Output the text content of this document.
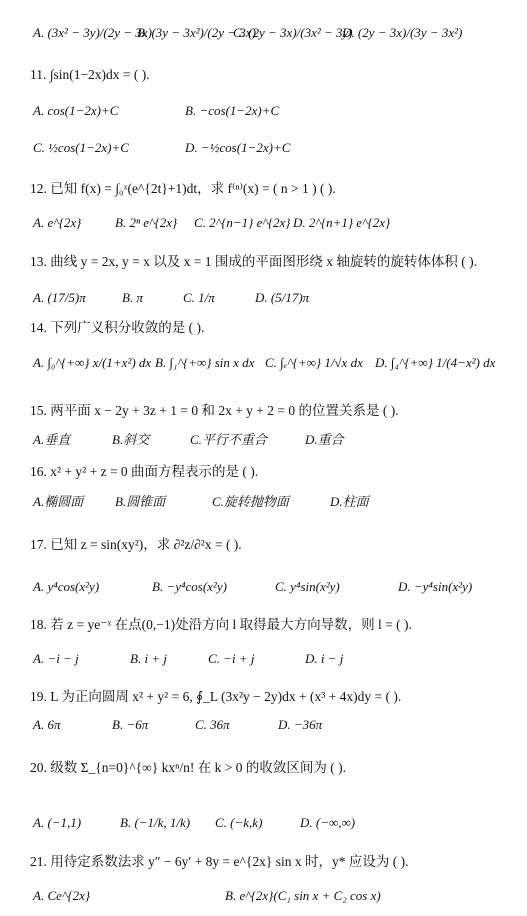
A. (3x² − 3y)/(2y − 3x)
B. (3y − 3x²)/(2y − 3x)
C. (2y − 3x)/(3x² − 3y)
D. (2y − 3x)/(3y − 3x²)
11. ∫sin(1−2x)dx = ( ).
A. cos(1−2x)+C	B. −cos(1−2x)+C
C. ½cos(1−2x)+C	D. −½cos(1−2x)+C
12. 已知 f(x) = ∫₀ˣ(e^{2t}+1)dt，求 f⁽ⁿ⁾(x) = ( n > 1 ) ( ).
A. e^{2x}	B. 2ⁿ e^{2x} C. 2^{n−1} e^{2x} D. 2^{n+1} e^{2x}
13. 曲线 y = 2x, y = x 以及 x = 1 围成的平面图形绕 x 轴旋转的旋转体体积 ( ).
A. (17/5)π	B. π	C. 1/π	D. (5/17)π
14. 下列广义积分收敛的是 ( ).
A. ∫₀^{+∞} x/(1+x²) dx B. ∫₁^{+∞} sin x dx C. ∫ₑ^{+∞} 1/√x dx D. ∫₄^{+∞} 1/(4−x²) dx
15. 两平面 x − 2y + 3z + 1 = 0 和 2x + y + 2 = 0 的位置关系是 ( ).
A.垂直	B.斜交	C.平行不重合	D.重合
16. x² + y² + z = 0 曲面方程表示的是 ( ).
A.椭圆面 B.圆锥面	C.旋转抛物面	D.柱面
17. 已知 z = sin(xy²)，求 ∂²z/∂²x = ( ).
A. y⁴cos(x²y)	B. −y⁴cos(x²y)	C. y⁴sin(x²y)	D. −y⁴sin(x²y)
18. 若 z = ye⁻ˣ 在点(0,−1)处沿方向 l 取得最大方向导数，则 l = ( ).
A. −i − j	B. i + j	C. −i + j	D. i − j
19. L 为正向圆周 x² + y² = 6, ∮_L (3x²y − 2y)dx + (x³ + 4x)dy = ( ).
A. 6π	B. −6π	C. 36π	D. −36π
20. 级数 Σ_{n=0}^{∞} kxⁿ/n! 在 k > 0 的收敛区间为 ( ).
A. (−1,1)	B. (−1/k, 1/k) C. (−k,k)	D. (−∞,∞)
21. 用待定系数法求 y″ − 6y′ + 8y = e^{2x} sin x 时，y* 应设为 ( ).
A. Ce^{2x}	B. e^{2x}(C₁ sin x + C₂ cos x)
